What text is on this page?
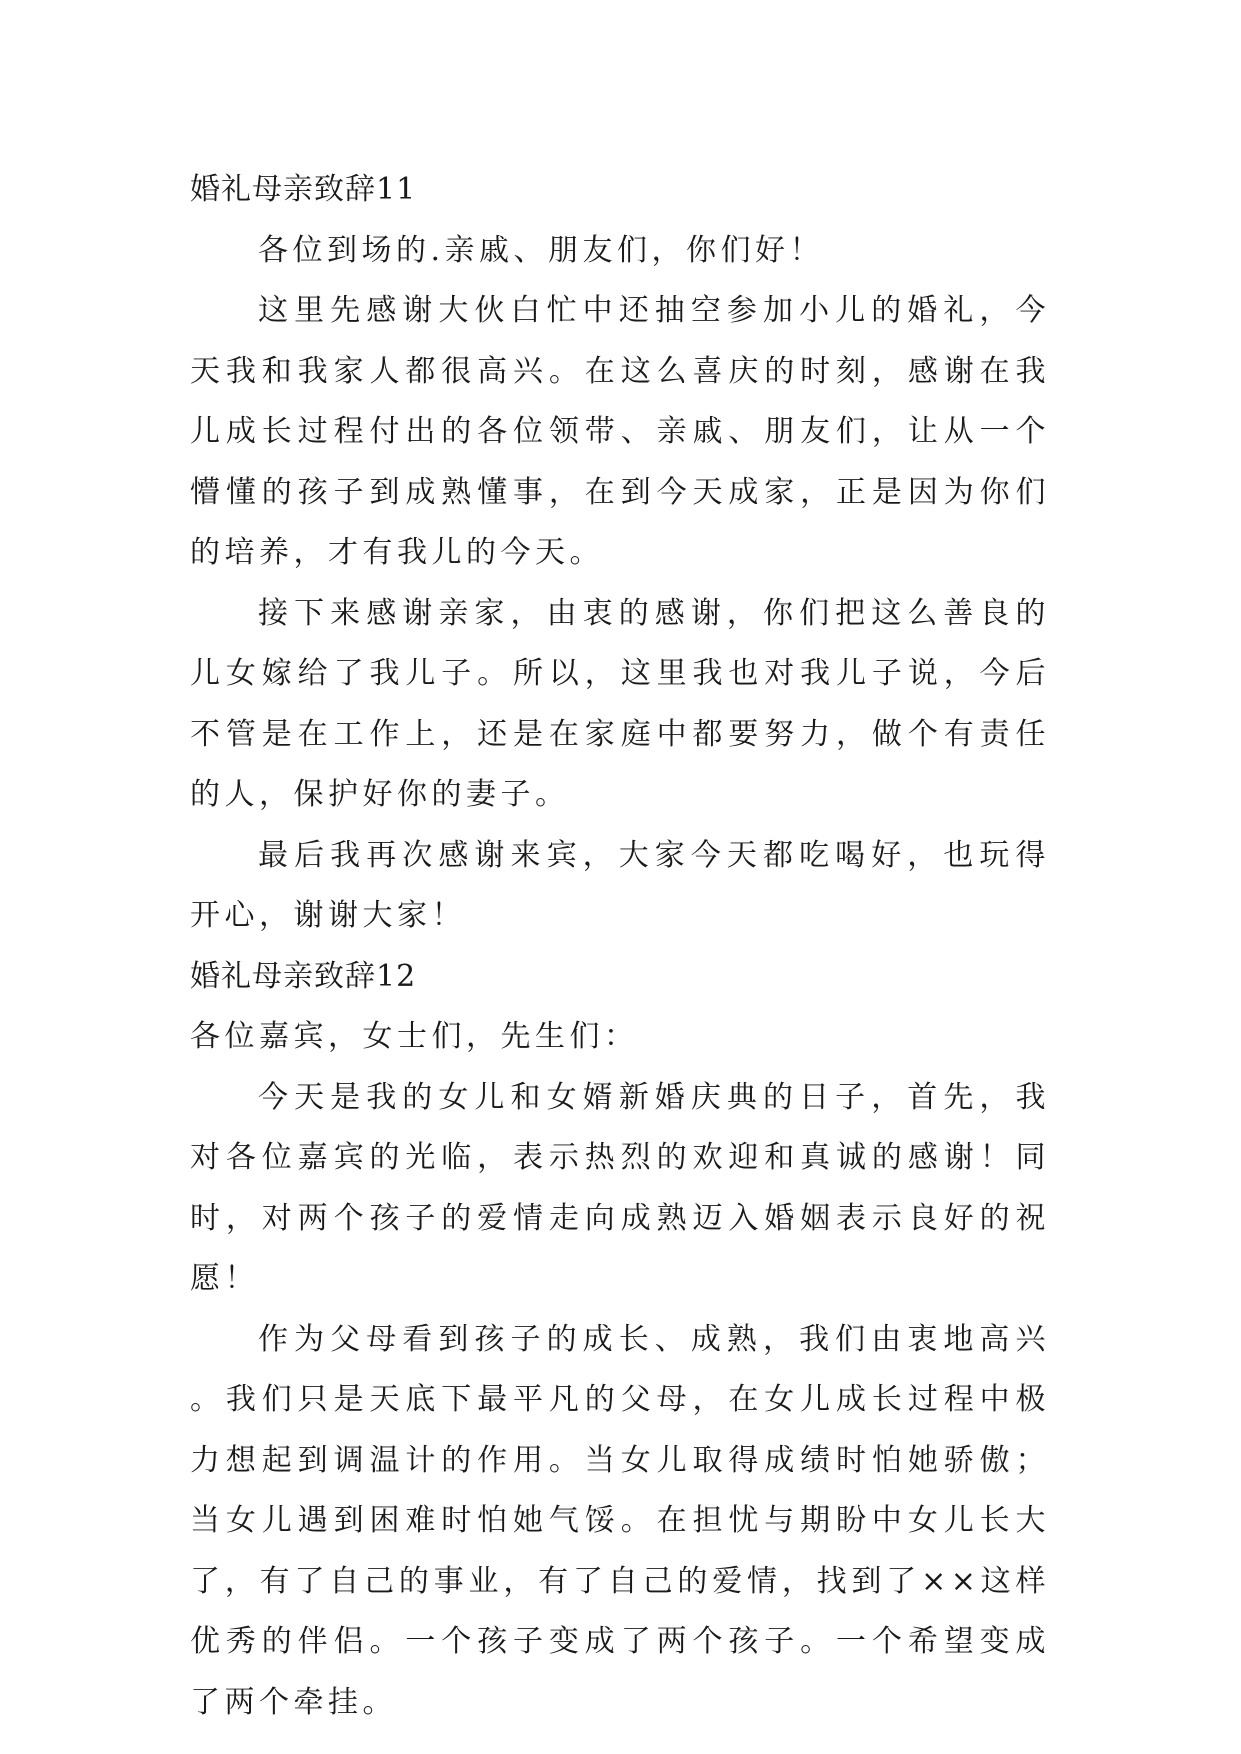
婚礼母亲致辞11

各位到场的.亲戚、朋友们，你们好！

这里先感谢大伙白忙中还抽空参加小儿的婚礼，今天我和我家人都很高兴。在这么喜庆的时刻，感谢在我儿成长过程付出的各位领带、亲戚、朋友们，让从一个懵懂的孩子到成熟懂事，在到今天成家，正是因为你们的培养，才有我儿的今天。

接下来感谢亲家，由衷的感谢，你们把这么善良的儿女嫁给了我儿子。所以，这里我也对我儿子说，今后不管是在工作上，还是在家庭中都要努力，做个有责任的人，保护好你的妻子。

最后我再次感谢来宾，大家今天都吃喝好，也玩得开心，谢谢大家！

婚礼母亲致辞12

各位嘉宾，女士们，先生们：

今天是我的女儿和女婿新婚庆典的日子，首先，我对各位嘉宾的光临，表示热烈的欢迎和真诚的感谢！同时，对两个孩子的爱情走向成熟迈入婚姻表示良好的祝愿！

作为父母看到孩子的成长、成熟，我们由衷地高兴。我们只是天底下最平凡的父母，在女儿成长过程中极力想起到调温计的作用。当女儿取得成绩时怕她骄傲；当女儿遇到困难时怕她气馁。在担忧与期盼中女儿长大了，有了自己的事业，有了自己的爱情，找到了××这样优秀的伴侣。一个孩子变成了两个孩子。一个希望变成了两个牵挂。
